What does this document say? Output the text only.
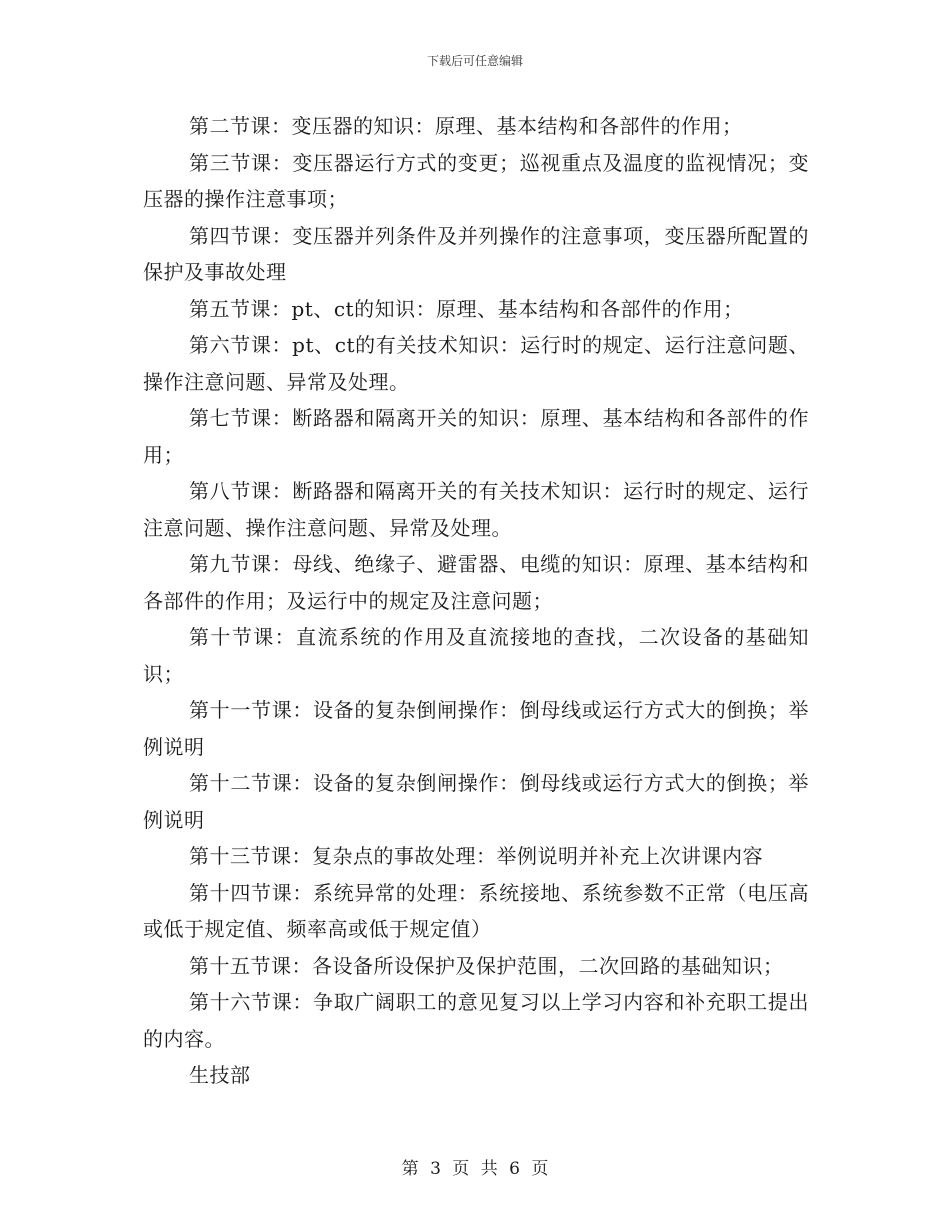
下载后可任意编辑

第二节课：变压器的知识：原理、基本结构和各部件的作用；

第三节课：变压器运行方式的变更；巡视重点及温度的监视情况；变压器的操作注意事项；

第四节课：变压器并列条件及并列操作的注意事项，变压器所配置的保护及事故处理

第五节课：pt、ct的知识：原理、基本结构和各部件的作用；

第六节课：pt、ct的有关技术知识：运行时的规定、运行注意问题、操作注意问题、异常及处理。

第七节课：断路器和隔离开关的知识：原理、基本结构和各部件的作用；

第八节课：断路器和隔离开关的有关技术知识：运行时的规定、运行注意问题、操作注意问题、异常及处理。

第九节课：母线、绝缘子、避雷器、电缆的知识：原理、基本结构和各部件的作用；及运行中的规定及注意问题；

第十节课：直流系统的作用及直流接地的查找，二次设备的基础知识；

第十一节课：设备的复杂倒闸操作：倒母线或运行方式大的倒换；举例说明

第十二节课：设备的复杂倒闸操作：倒母线或运行方式大的倒换；举例说明

第十三节课：复杂点的事故处理：举例说明并补充上次讲课内容

第十四节课：系统异常的处理：系统接地、系统参数不正常（电压高或低于规定值、频率高或低于规定值）

第十五节课：各设备所设保护及保护范围，二次回路的基础知识；

第十六节课：争取广阔职工的意见复习以上学习内容和补充职工提出的内容。

生技部

第 3 页 共 6 页
